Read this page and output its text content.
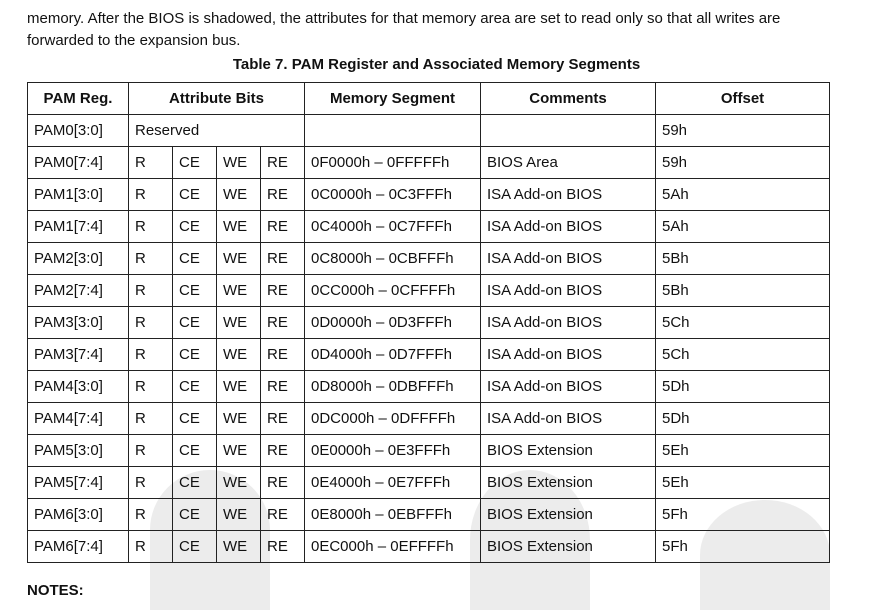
memory. After the BIOS is shadowed, the attributes for that memory area are set to read only so that all writes are forwarded to the expansion bus.
Table 7. PAM Register and Associated Memory Segments
PAM Reg.	Attribute Bits				Memory Segment	Comments	Offset
PAM0[3:0]	Reserved						59h
PAM0[7:4]	R	CE	WE	RE	0F0000h – 0FFFFFh	BIOS Area	59h
PAM1[3:0]	R	CE	WE	RE	0C0000h – 0C3FFFh	ISA Add-on BIOS	5Ah
PAM1[7:4]	R	CE	WE	RE	0C4000h – 0C7FFFh	ISA Add-on BIOS	5Ah
PAM2[3:0]	R	CE	WE	RE	0C8000h – 0CBFFFh	ISA Add-on BIOS	5Bh
PAM2[7:4]	R	CE	WE	RE	0CC000h – 0CFFFFh	ISA Add-on BIOS	5Bh
PAM3[3:0]	R	CE	WE	RE	0D0000h – 0D3FFFh	ISA Add-on BIOS	5Ch
PAM3[7:4]	R	CE	WE	RE	0D4000h – 0D7FFFh	ISA Add-on BIOS	5Ch
PAM4[3:0]	R	CE	WE	RE	0D8000h – 0DBFFFh	ISA Add-on BIOS	5Dh
PAM4[7:4]	R	CE	WE	RE	0DC000h – 0DFFFFh	ISA Add-on BIOS	5Dh
PAM5[3:0]	R	CE	WE	RE	0E0000h – 0E3FFFh	BIOS Extension	5Eh
PAM5[7:4]	R	CE	WE	RE	0E4000h – 0E7FFFh	BIOS Extension	5Eh
PAM6[3:0]	R	CE	WE	RE	0E8000h – 0EBFFFh	BIOS Extension	5Fh
PAM6[7:4]	R	CE	WE	RE	0EC000h – 0EFFFFh	BIOS Extension	5Fh
NOTES:
